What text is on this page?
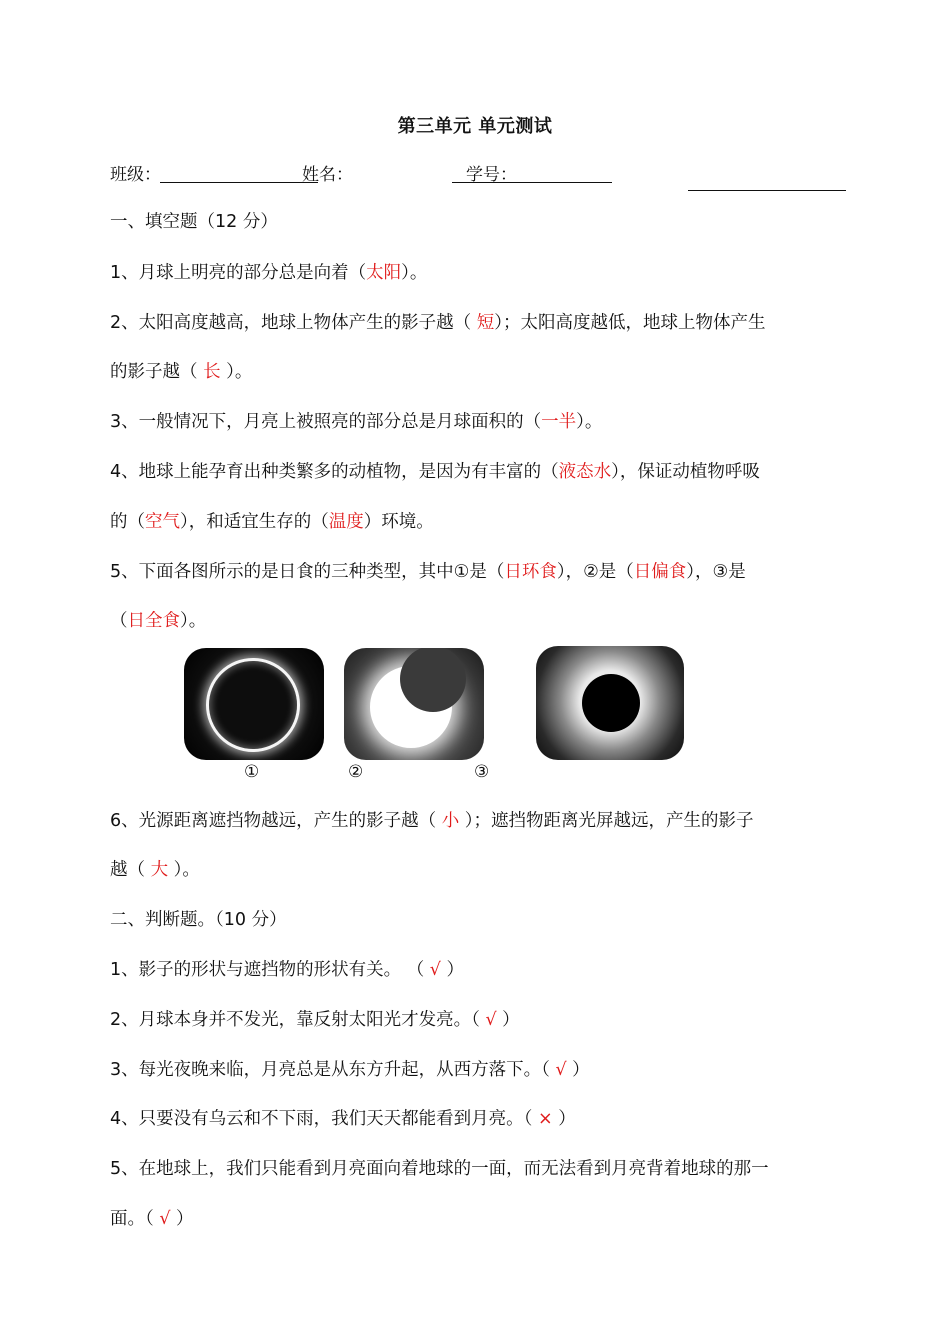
第三单元 单元测试
班级：	姓名：	学号：
一、填空题（12 分）
1、月球上明亮的部分总是向着（太阳）。
2、太阳高度越高，地球上物体产生的影子越（ 短）；太阳高度越低，地球上物体产生
的影子越（ 长 ）。
3、一般情况下，月亮上被照亮的部分总是月球面积的（一半）。
4、地球上能孕育出种类繁多的动植物，是因为有丰富的（液态水），保证动植物呼吸
的（空气），和适宜生存的（温度）环境。
5、下面各图所示的是日食的三种类型，其中①是（日环食），②是（日偏食），③是
（日全食）。
①	②	③
6、光源距离遮挡物越远，产生的影子越（ 小 ）；遮挡物距离光屏越远，产生的影子
越（ 大 ）。
二、判断题。（10 分）
1、影子的形状与遮挡物的形状有关。 （ √ ）
2、月球本身并不发光，靠反射太阳光才发亮。（ √ ）
3、每光夜晚来临，月亮总是从东方升起，从西方落下。（ √ ）
4、只要没有乌云和不下雨，我们天天都能看到月亮。（ × ）
5、在地球上，我们只能看到月亮面向着地球的一面，而无法看到月亮背着地球的那一
面。（ √ ）
